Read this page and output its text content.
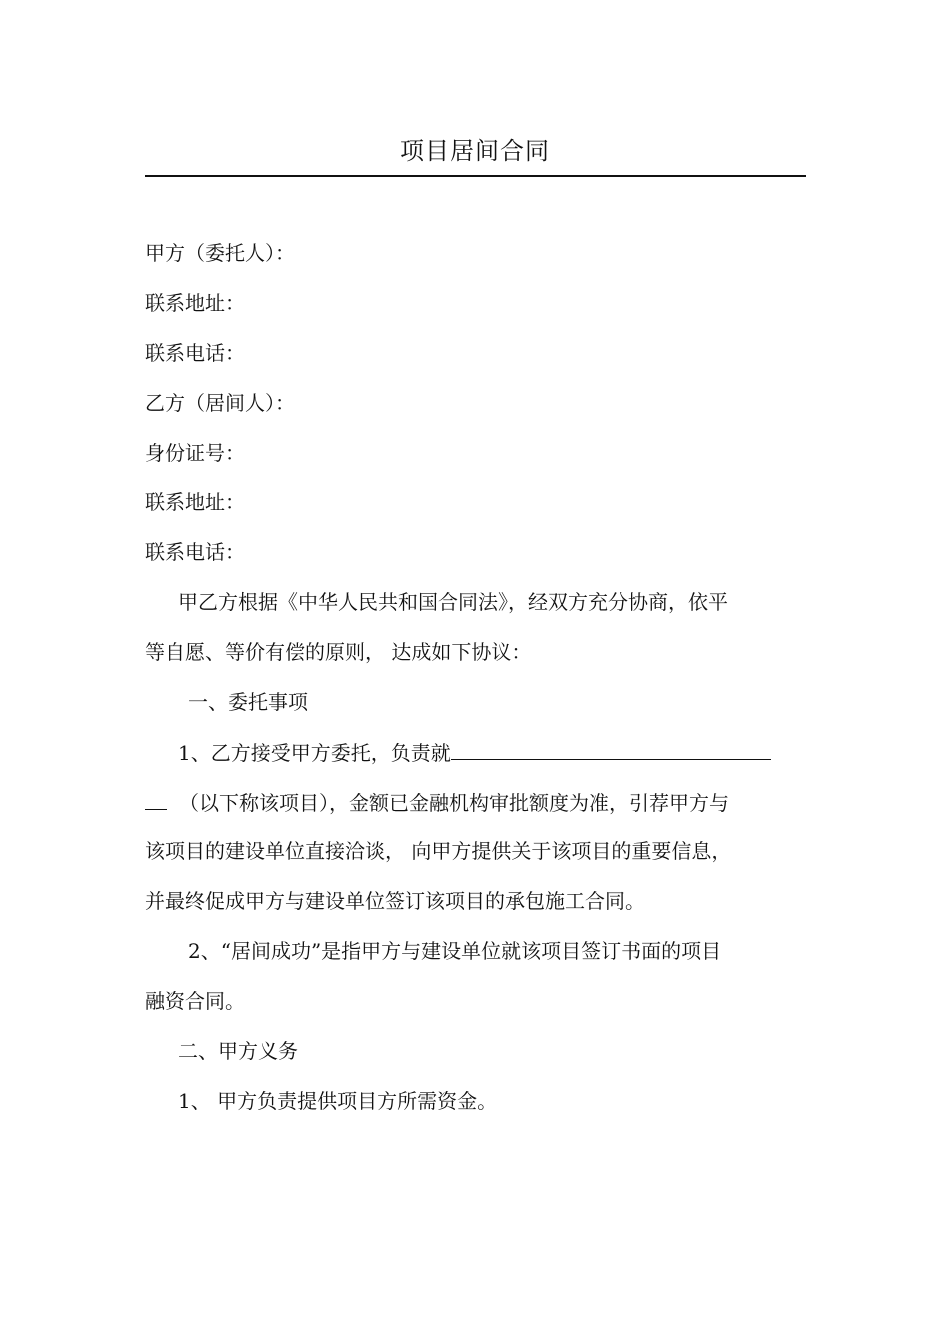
项目居间合同
甲方（委托人）：
联系地址：
联系电话：
乙方（居间人）：
身份证号：
联系地址：
联系电话：
甲乙方根据《中华人民共和国合同法》，经双方充分协商，依平
等自愿、等价有偿的原则， 达成如下协议：
一、委托事项
1、乙方接受甲方委托，负责就
（以下称该项目），金额已金融机构审批额度为准，引荐甲方与
该项目的建设单位直接洽谈， 向甲方提供关于该项目的重要信息，
并最终促成甲方与建设单位签订该项目的承包施工合同。
2、“居间成功”是指甲方与建设单位就该项目签订书面的项目
融资合同。
二、甲方义务
1、 甲方负责提供项目方所需资金。
